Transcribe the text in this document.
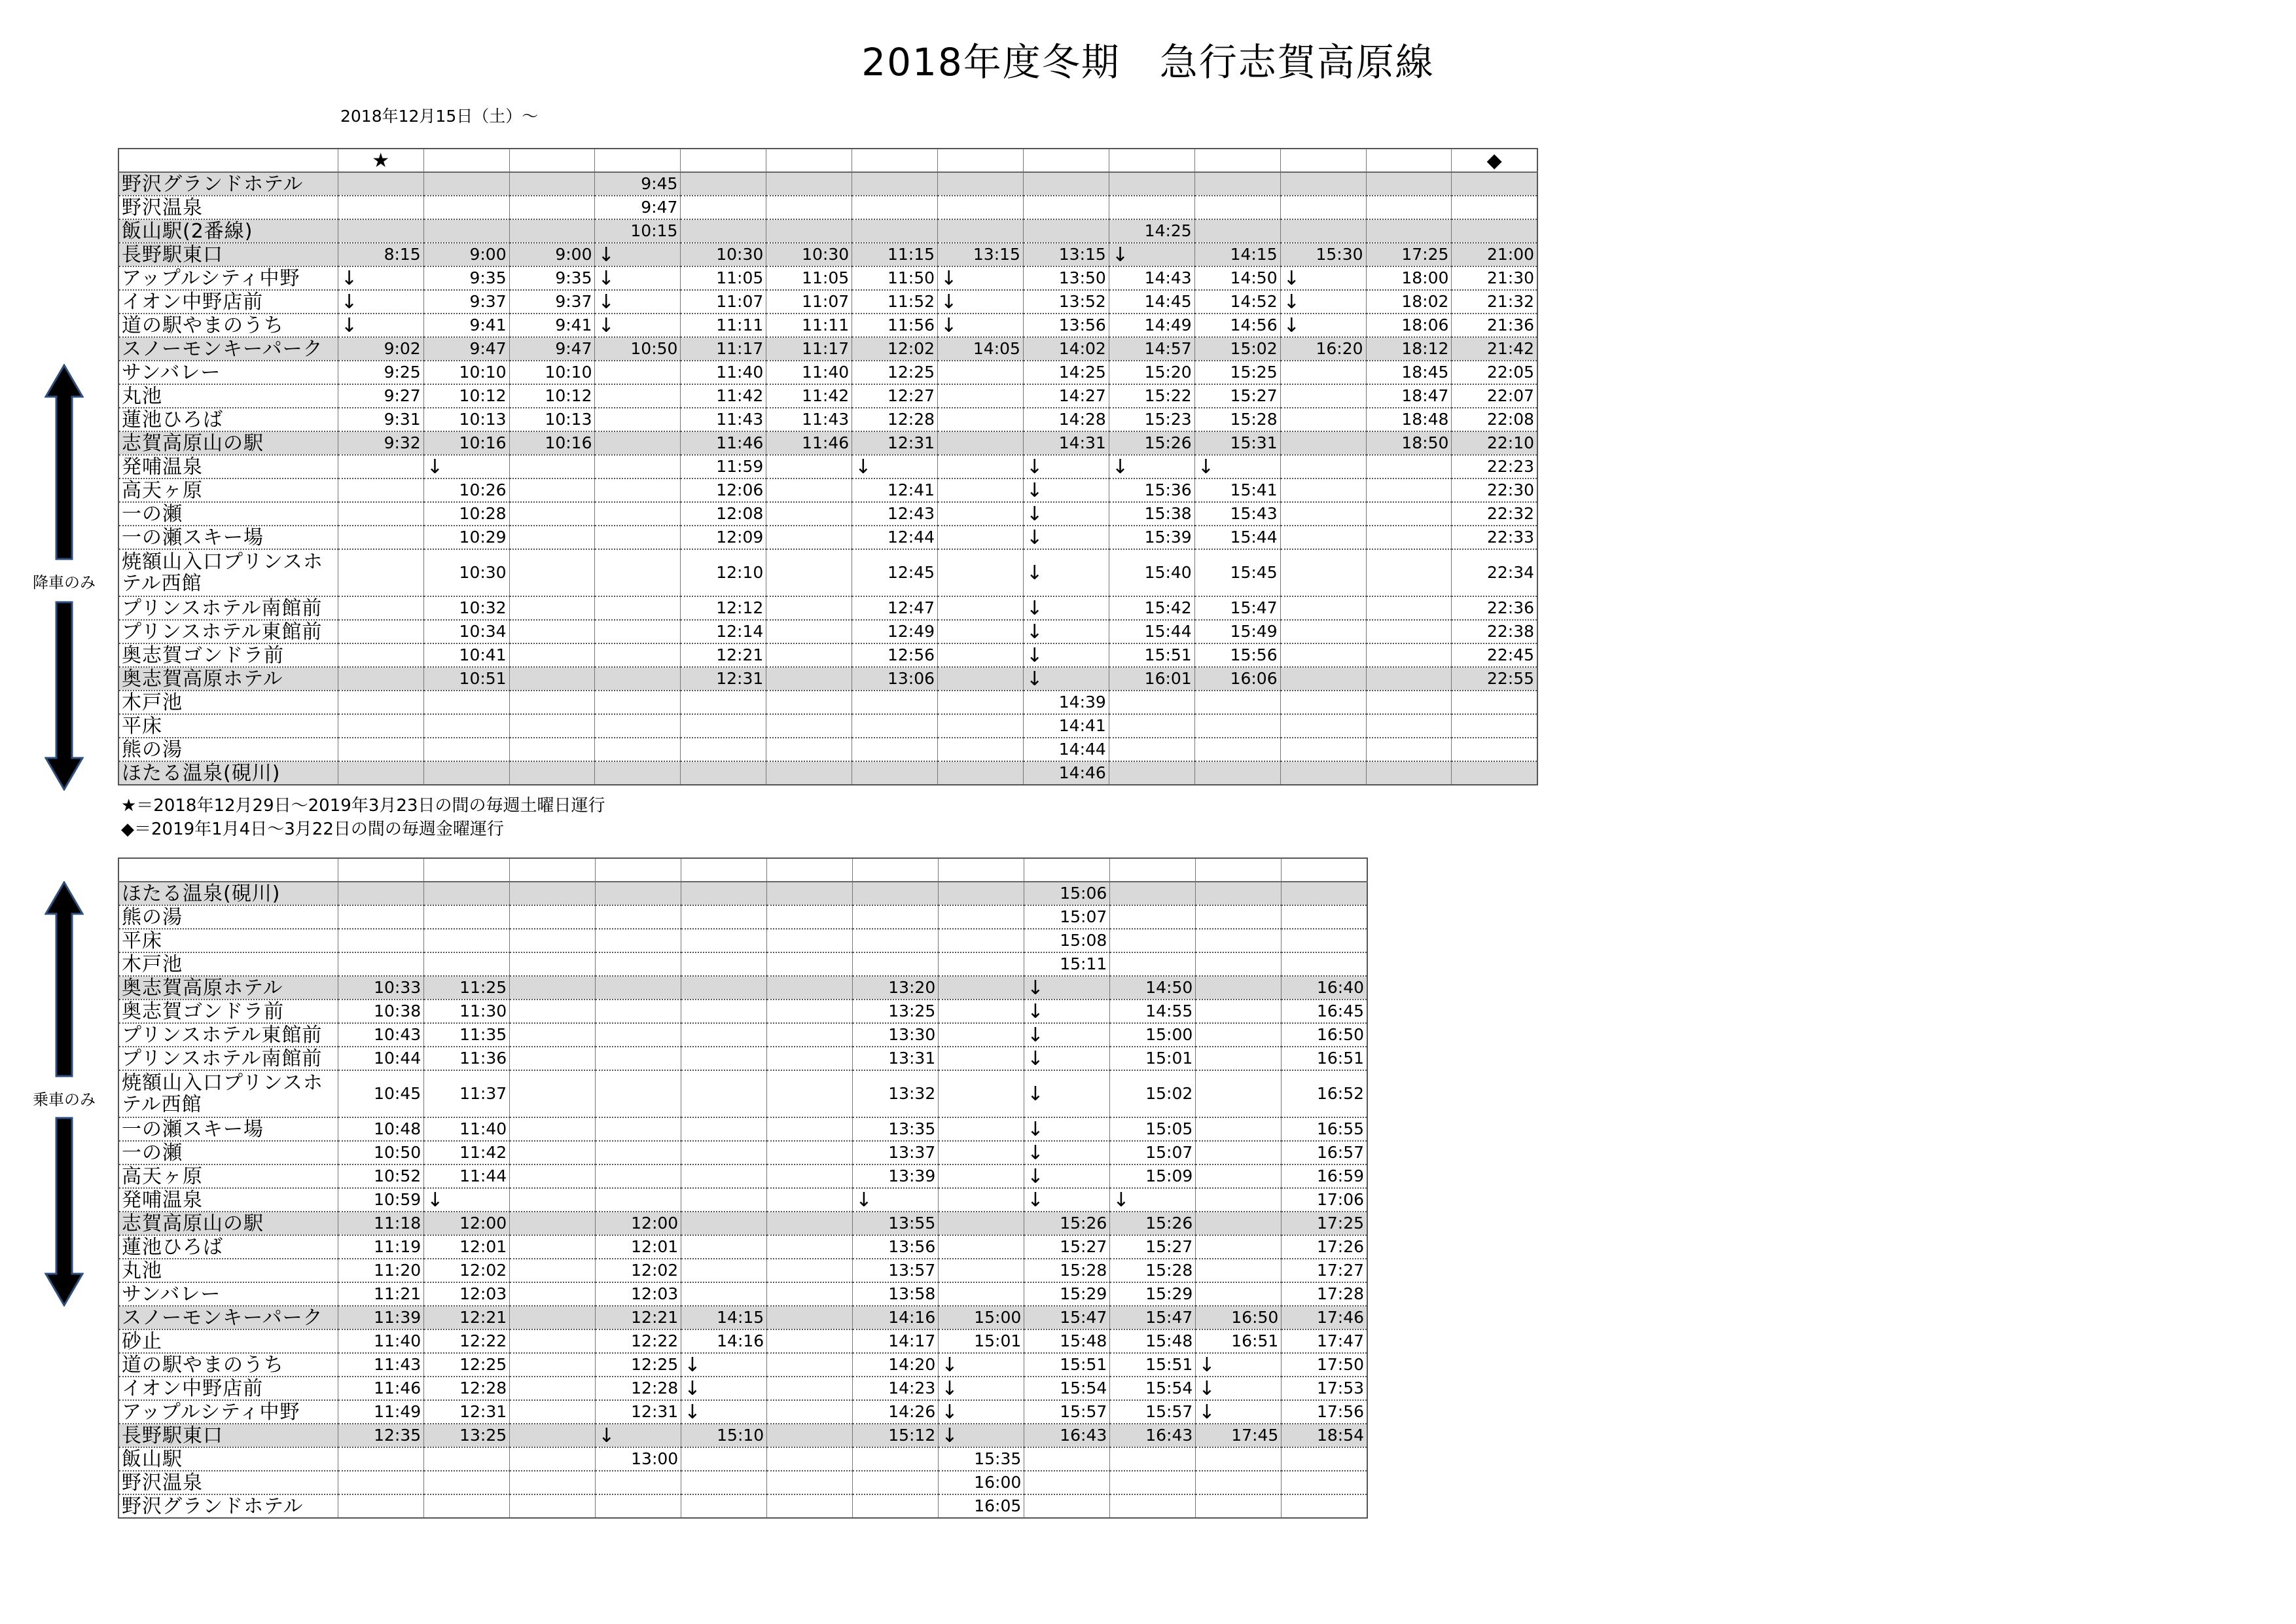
2018年度冬期　急行志賀高原線
2018年12月15日（土）～
	★													◆
野沢グランドホテル				9:45										
野沢温泉				9:47										
飯山駅(2番線)				10:15						14:25				
長野駅東口	8:15	9:00	9:00	↓	10:30	10:30	11:15	13:15	13:15	↓	14:15	15:30	17:25	21:00
アップルシティ中野	↓	9:35	9:35	↓	11:05	11:05	11:50	↓	13:50	14:43	14:50	↓	18:00	21:30
イオン中野店前	↓	9:37	9:37	↓	11:07	11:07	11:52	↓	13:52	14:45	14:52	↓	18:02	21:32
道の駅やまのうち	↓	9:41	9:41	↓	11:11	11:11	11:56	↓	13:56	14:49	14:56	↓	18:06	21:36
スノーモンキーパーク	9:02	9:47	9:47	10:50	11:17	11:17	12:02	14:05	14:02	14:57	15:02	16:20	18:12	21:42
サンバレー	9:25	10:10	10:10		11:40	11:40	12:25		14:25	15:20	15:25		18:45	22:05
丸池	9:27	10:12	10:12		11:42	11:42	12:27		14:27	15:22	15:27		18:47	22:07
蓮池ひろば	9:31	10:13	10:13		11:43	11:43	12:28		14:28	15:23	15:28		18:48	22:08
志賀高原山の駅	9:32	10:16	10:16		11:46	11:46	12:31		14:31	15:26	15:31		18:50	22:10
発哺温泉		↓			11:59		↓		↓	↓	↓			22:23
高天ヶ原		10:26			12:06		12:41		↓	15:36	15:41			22:30
一の瀬		10:28			12:08		12:43		↓	15:38	15:43			22:32
一の瀬スキー場		10:29			12:09		12:44		↓	15:39	15:44			22:33
焼額山入口プリンスホテル西館		10:30			12:10		12:45		↓	15:40	15:45			22:34
プリンスホテル南館前		10:32			12:12		12:47		↓	15:42	15:47			22:36
プリンスホテル東館前		10:34			12:14		12:49		↓	15:44	15:49			22:38
奥志賀ゴンドラ前		10:41			12:21		12:56		↓	15:51	15:56			22:45
奥志賀高原ホテル		10:51			12:31		13:06		↓	16:01	16:06			22:55
木戸池									14:39					
平床									14:41					
熊の湯									14:44					
ほたる温泉(硯川)									14:46					
★＝2018年12月29日～2019年3月23日の間の毎週土曜日運行
◆＝2019年1月4日～3月22日の間の毎週金曜運行
降車のみ

ほたる温泉(硯川)									15:06			
熊の湯									15:07			
平床									15:08			
木戸池									15:11			
奥志賀高原ホテル	10:33	11:25					13:20		↓	14:50		16:40
奥志賀ゴンドラ前	10:38	11:30					13:25		↓	14:55		16:45
プリンスホテル東館前	10:43	11:35					13:30		↓	15:00		16:50
プリンスホテル南館前	10:44	11:36					13:31		↓	15:01		16:51
焼額山入口プリンスホテル西館	10:45	11:37					13:32		↓	15:02		16:52
一の瀬スキー場	10:48	11:40					13:35		↓	15:05		16:55
一の瀬	10:50	11:42					13:37		↓	15:07		16:57
高天ヶ原	10:52	11:44					13:39		↓	15:09		16:59
発哺温泉	10:59	↓					↓		↓	↓		17:06
志賀高原山の駅	11:18	12:00		12:00			13:55		15:26	15:26		17:25
蓮池ひろば	11:19	12:01		12:01			13:56		15:27	15:27		17:26
丸池	11:20	12:02		12:02			13:57		15:28	15:28		17:27
サンバレー	11:21	12:03		12:03			13:58		15:29	15:29		17:28
スノーモンキーパーク	11:39	12:21		12:21	14:15		14:16	15:00	15:47	15:47	16:50	17:46
砂止	11:40	12:22		12:22	14:16		14:17	15:01	15:48	15:48	16:51	17:47
道の駅やまのうち	11:43	12:25		12:25	↓		14:20	↓	15:51	15:51	↓	17:50
イオン中野店前	11:46	12:28		12:28	↓		14:23	↓	15:54	15:54	↓	17:53
アップルシティ中野	11:49	12:31		12:31	↓		14:26	↓	15:57	15:57	↓	17:56
長野駅東口	12:35	13:25		↓	15:10		15:12	↓	16:43	16:43	17:45	18:54
飯山駅				13:00				15:35				
野沢温泉								16:00				
野沢グランドホテル								16:05				
乗車のみ
